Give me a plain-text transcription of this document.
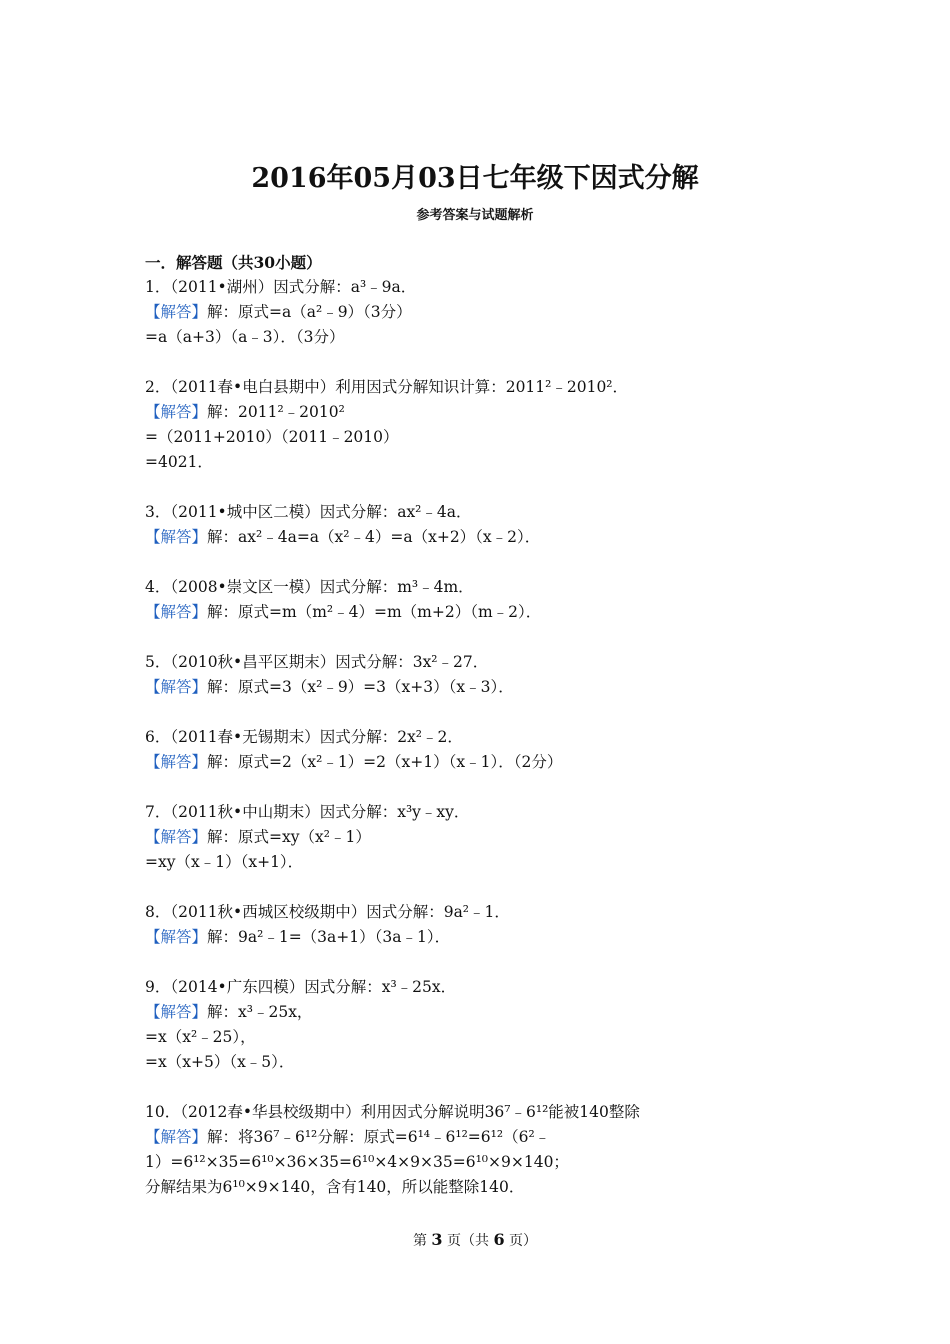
2016年05月03日七年级下因式分解
参考答案与试题解析
一．解答题（共30小题）
1．（2011•湖州）因式分解：a³﹣9a．
【解答】解：原式=a（a²﹣9）（3分）
=a（a+3）（a﹣3）．（3分）
2．（2011春•电白县期中）利用因式分解知识计算：2011²﹣2010²．
【解答】解：2011²﹣2010²
=（2011+2010）（2011﹣2010）
=4021．
3．（2011•城中区二模）因式分解：ax²﹣4a．
【解答】解：ax²﹣4a=a（x²﹣4）=a（x+2）（x﹣2）．
4．（2008•崇文区一模）因式分解：m³﹣4m．
【解答】解：原式=m（m²﹣4）=m（m+2）（m﹣2）．
5．（2010秋•昌平区期末）因式分解：3x²﹣27．
【解答】解：原式=3（x²﹣9）=3（x+3）（x﹣3）．
6．（2011春•无锡期末）因式分解：2x²﹣2．
【解答】解：原式=2（x²﹣1）=2（x+1）（x﹣1）．（2分）
7．（2011秋•中山期末）因式分解：x³y﹣xy．
【解答】解：原式=xy（x²﹣1）
=xy（x﹣1）（x+1）．
8．（2011秋•西城区校级期中）因式分解：9a²﹣1．
【解答】解：9a²﹣1=（3a+1）（3a﹣1）．
9．（2014•广东四模）因式分解：x³﹣25x．
【解答】解：x³﹣25x，
=x（x²﹣25），
=x（x+5）（x﹣5）．
10．（2012春•华县校级期中）利用因式分解说明36⁷﹣6¹²能被140整除
【解答】解：将36⁷﹣6¹²分解：原式=6¹⁴﹣6¹²=6¹²（6²﹣
1）=6¹²×35=6¹⁰×36×35=6¹⁰×4×9×35=6¹⁰×9×140；
分解结果为6¹⁰×9×140，含有140，所以能整除140．
第 3 页（共 6 页）
